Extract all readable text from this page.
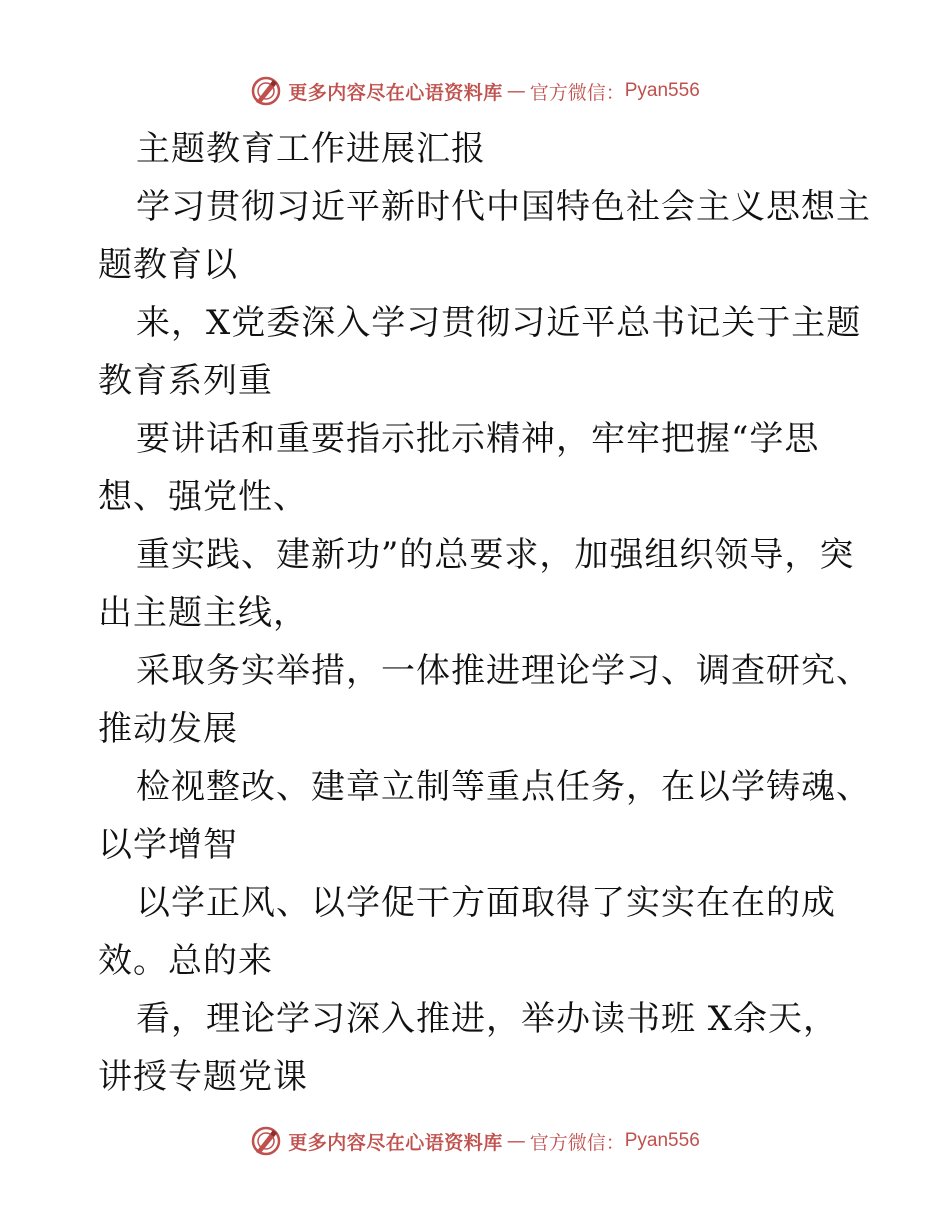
更多内容尽在心语资料库 — 官方微信： Pyan556
主题教育工作进展汇报
学习贯彻习近平新时代中国特色社会主义思想主
题教育以
来，X党委深入学习贯彻习近平总书记关于主题
教育系列重
要讲话和重要指示批示精神，牢牢把握“学思
想、强党性、
重实践、建新功”的总要求，加强组织领导，突
出主题主线，
采取务实举措，一体推进理论学习、调查研究、
推动发展
检视整改、建章立制等重点任务，在以学铸魂、
以学增智
以学正风、以学促干方面取得了实实在在的成
效。总的来
看，理论学习深入推进，举办读书班 X余天，
讲授专题党课
更多内容尽在心语资料库 — 官方微信： Pyan556
